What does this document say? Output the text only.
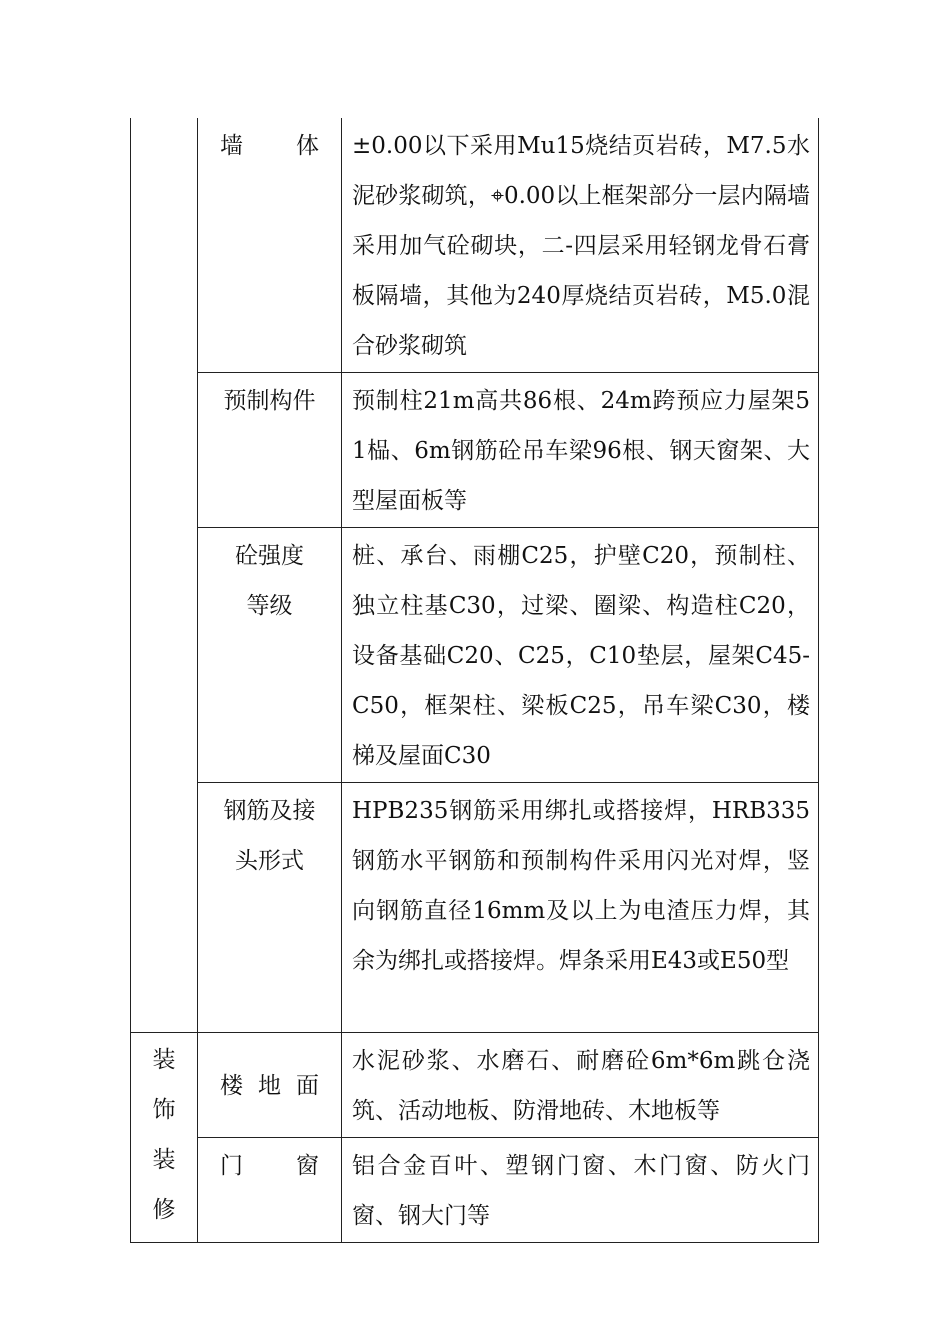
	墙体	±0.00以下采用Mu15烧结页岩砖，M7.5水泥砂浆砌筑，⌖0.00以上框架部分一层内隔墙采用加气砼砌块，二-四层采用轻钢龙骨石膏板隔墙，其他为240厚烧结页岩砖，M5.0混合砂浆砌筑

	预制构件	预制柱21m高共86根、24m跨预应力屋架51榀、6m钢筋砼吊车梁96根、钢天窗架、大型屋面板等

	砼强度等级	桩、承台、雨棚C25，护壁C20，预制柱、独立柱基C30，过梁、圈梁、构造柱C20，设备基础C20、C25，C10垫层，屋架C45-C50，框架柱、梁板C25，吊车梁C30，楼梯及屋面C30

	钢筋及接头形式	HPB235钢筋采用绑扎或搭接焊，HRB335钢筋水平钢筋和预制构件采用闪光对焊，竖向钢筋直径16mm及以上为电渣压力焊，其余为绑扎或搭接焊。焊条采用E43或E50型

装饰装修	楼地面	水泥砂浆、水磨石、耐磨砼6m*6m跳仓浇筑、活动地板、防滑地砖、木地板等

	门窗	铝合金百叶、塑钢门窗、木门窗、防火门窗、钢大门等
